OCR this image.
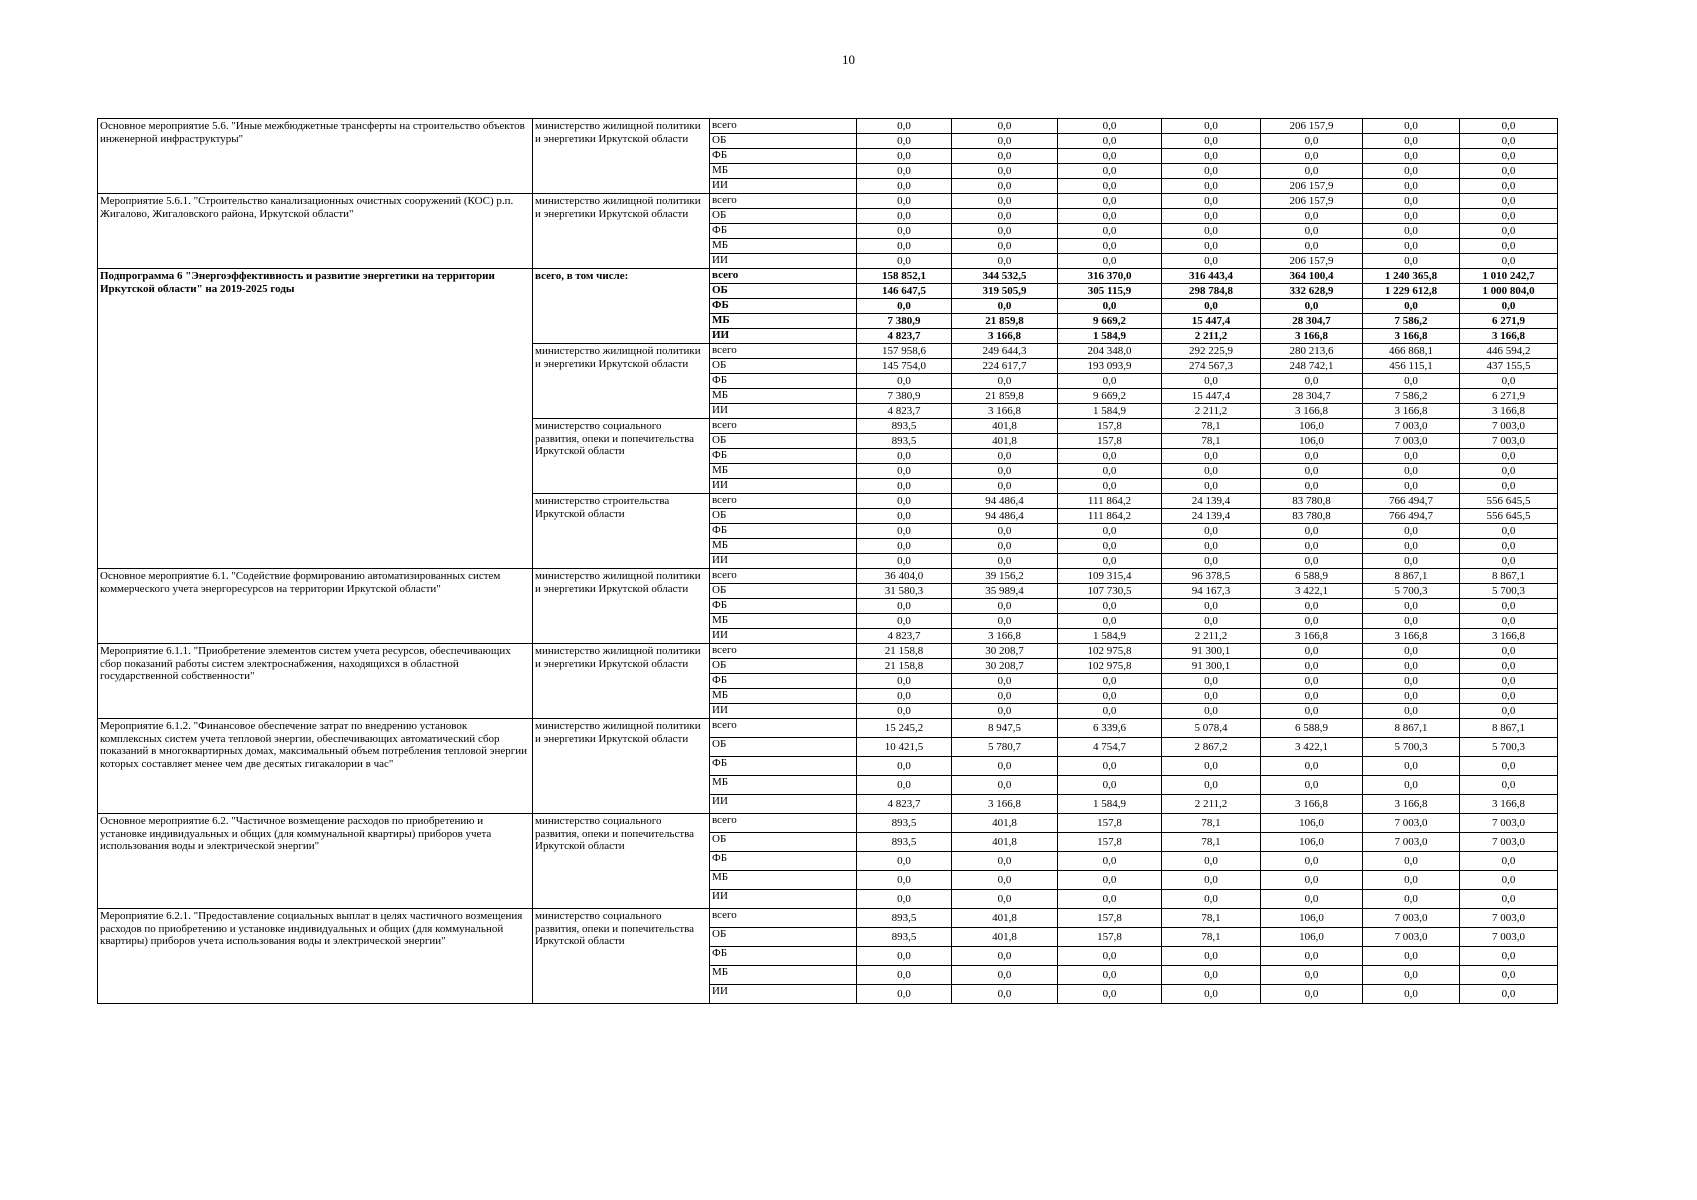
10
Основное мероприятие 5.6. "Иные межбюджетные трансферты на строительство объектов инженерной инфраструктуры"	министерство жилищной политики и энергетики Иркутской области	всего	0,0	0,0	0,0	0,0	206 157,9	0,0	0,0
		ОБ	0,0	0,0	0,0	0,0	0,0	0,0	0,0
		ФБ	0,0	0,0	0,0	0,0	0,0	0,0	0,0
		МБ	0,0	0,0	0,0	0,0	0,0	0,0	0,0
		ИИ	0,0	0,0	0,0	0,0	206 157,9	0,0	0,0
Мероприятие 5.6.1. "Строительство канализационных очистных сооружений (КОС) р.п. Жигалово, Жигаловского района, Иркутской области"	министерство жилищной политики и энергетики Иркутской области	всего	0,0	0,0	0,0	0,0	206 157,9	0,0	0,0
		ОБ	0,0	0,0	0,0	0,0	0,0	0,0	0,0
		ФБ	0,0	0,0	0,0	0,0	0,0	0,0	0,0
		МБ	0,0	0,0	0,0	0,0	0,0	0,0	0,0
		ИИ	0,0	0,0	0,0	0,0	206 157,9	0,0	0,0
Подпрограмма 6 "Энергоэффективность и развитие энергетики на территории Иркутской области" на 2019-2025 годы	всего, в том числе:	всего	158 852,1	344 532,5	316 370,0	316 443,4	364 100,4	1 240 365,8	1 010 242,7
		ОБ	146 647,5	319 505,9	305 115,9	298 784,8	332 628,9	1 229 612,8	1 000 804,0
		ФБ	0,0	0,0	0,0	0,0	0,0	0,0	0,0
		МБ	7 380,9	21 859,8	9 669,2	15 447,4	28 304,7	7 586,2	6 271,9
		ИИ	4 823,7	3 166,8	1 584,9	2 211,2	3 166,8	3 166,8	3 166,8
	министерство жилищной политики и энергетики Иркутской области	всего	157 958,6	249 644,3	204 348,0	292 225,9	280 213,6	466 868,1	446 594,2
		ОБ	145 754,0	224 617,7	193 093,9	274 567,3	248 742,1	456 115,1	437 155,5
		ФБ	0,0	0,0	0,0	0,0	0,0	0,0	0,0
		МБ	7 380,9	21 859,8	9 669,2	15 447,4	28 304,7	7 586,2	6 271,9
		ИИ	4 823,7	3 166,8	1 584,9	2 211,2	3 166,8	3 166,8	3 166,8
	министерство социального развития, опеки и попечительства Иркутской области	всего	893,5	401,8	157,8	78,1	106,0	7 003,0	7 003,0
		ОБ	893,5	401,8	157,8	78,1	106,0	7 003,0	7 003,0
		ФБ	0,0	0,0	0,0	0,0	0,0	0,0	0,0
		МБ	0,0	0,0	0,0	0,0	0,0	0,0	0,0
		ИИ	0,0	0,0	0,0	0,0	0,0	0,0	0,0
	министерство строительства Иркутской области	всего	0,0	94 486,4	111 864,2	24 139,4	83 780,8	766 494,7	556 645,5
		ОБ	0,0	94 486,4	111 864,2	24 139,4	83 780,8	766 494,7	556 645,5
		ФБ	0,0	0,0	0,0	0,0	0,0	0,0	0,0
		МБ	0,0	0,0	0,0	0,0	0,0	0,0	0,0
		ИИ	0,0	0,0	0,0	0,0	0,0	0,0	0,0
Основное мероприятие 6.1. "Содействие формированию автоматизированных систем коммерческого учета энергоресурсов на территории Иркутской области"	министерство жилищной политики и энергетики Иркутской области	всего	36 404,0	39 156,2	109 315,4	96 378,5	6 588,9	8 867,1	8 867,1
		ОБ	31 580,3	35 989,4	107 730,5	94 167,3	3 422,1	5 700,3	5 700,3
		ФБ	0,0	0,0	0,0	0,0	0,0	0,0	0,0
		МБ	0,0	0,0	0,0	0,0	0,0	0,0	0,0
		ИИ	4 823,7	3 166,8	1 584,9	2 211,2	3 166,8	3 166,8	3 166,8
Мероприятие 6.1.1. "Приобретение элементов систем учета ресурсов, обеспечивающих сбор показаний работы систем электроснабжения, находящихся в областной государственной собственности"	министерство жилищной политики и энергетики Иркутской области	всего	21 158,8	30 208,7	102 975,8	91 300,1	0,0	0,0	0,0
		ОБ	21 158,8	30 208,7	102 975,8	91 300,1	0,0	0,0	0,0
		ФБ	0,0	0,0	0,0	0,0	0,0	0,0	0,0
		МБ	0,0	0,0	0,0	0,0	0,0	0,0	0,0
		ИИ	0,0	0,0	0,0	0,0	0,0	0,0	0,0
Мероприятие 6.1.2. "Финансовое обеспечение затрат по внедрению установок комплексных систем учета тепловой энергии, обеспечивающих автоматический сбор показаний в многоквартирных домах, максимальный объем потребления тепловой энергии которых составляет менее чем две десятых гигакалории в час"	министерство жилищной политики и энергетики Иркутской области	всего	15 245,2	8 947,5	6 339,6	5 078,4	6 588,9	8 867,1	8 867,1
		ОБ	10 421,5	5 780,7	4 754,7	2 867,2	3 422,1	5 700,3	5 700,3
		ФБ	0,0	0,0	0,0	0,0	0,0	0,0	0,0
		МБ	0,0	0,0	0,0	0,0	0,0	0,0	0,0
		ИИ	4 823,7	3 166,8	1 584,9	2 211,2	3 166,8	3 166,8	3 166,8
Основное мероприятие 6.2. "Частичное возмещение расходов по приобретению и установке индивидуальных и общих (для коммунальной квартиры) приборов учета использования воды и электрической энергии"	министерство социального развития, опеки и попечительства Иркутской области	всего	893,5	401,8	157,8	78,1	106,0	7 003,0	7 003,0
		ОБ	893,5	401,8	157,8	78,1	106,0	7 003,0	7 003,0
		ФБ	0,0	0,0	0,0	0,0	0,0	0,0	0,0
		МБ	0,0	0,0	0,0	0,0	0,0	0,0	0,0
		ИИ	0,0	0,0	0,0	0,0	0,0	0,0	0,0
Мероприятие 6.2.1. "Предоставление социальных выплат в целях частичного возмещения расходов по приобретению и установке индивидуальных и общих (для коммунальной квартиры) приборов учета использования воды и электрической энергии"	министерство социального развития, опеки и попечительства Иркутской области	всего	893,5	401,8	157,8	78,1	106,0	7 003,0	7 003,0
		ОБ	893,5	401,8	157,8	78,1	106,0	7 003,0	7 003,0
		ФБ	0,0	0,0	0,0	0,0	0,0	0,0	0,0
		МБ	0,0	0,0	0,0	0,0	0,0	0,0	0,0
		ИИ	0,0	0,0	0,0	0,0	0,0	0,0	0,0
